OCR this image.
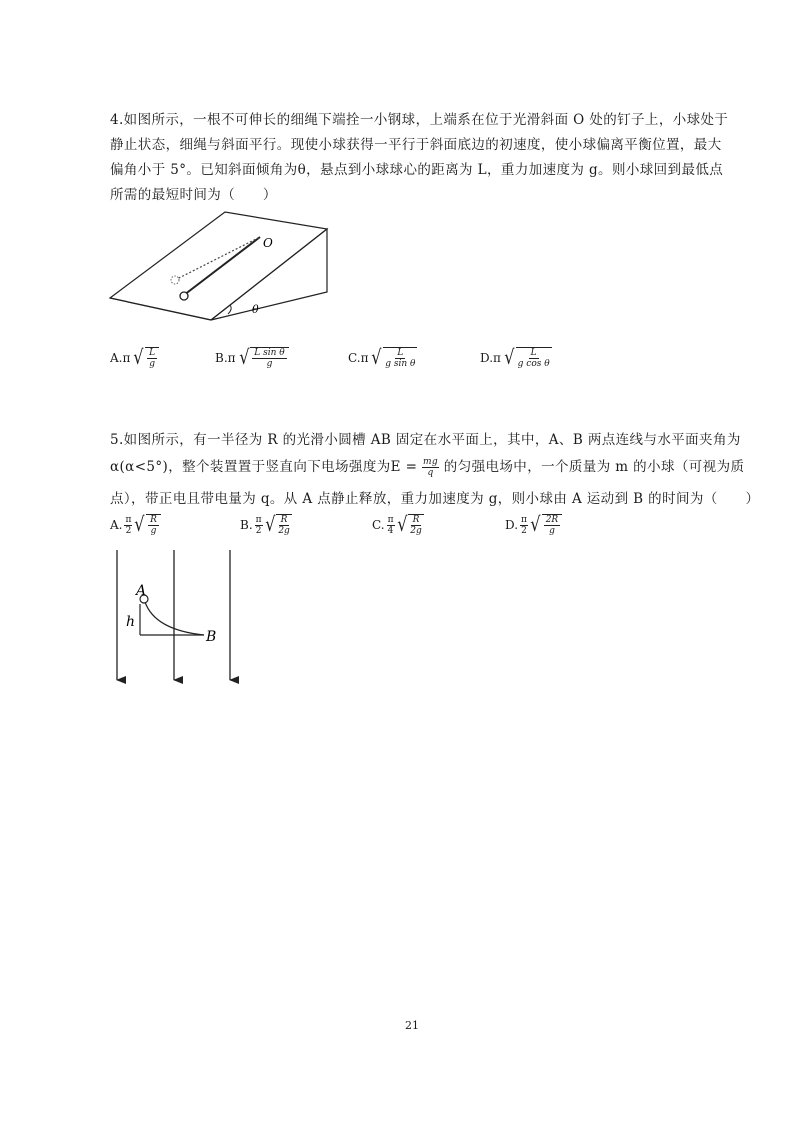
4.如图所示，一根不可伸长的细绳下端拴一小钢球，上端系在位于光滑斜面 O 处的钉子上，小球处于
静止状态，细绳与斜面平行。现使小球获得一平行于斜面底边的初速度，使小球偏离平衡位置，最大
偏角小于 5°。已知斜面倾角为θ，悬点到小球球心的距离为 L，重力加速度为 g。则小球回到最低点
所需的最短时间为（　　）
O
θ
A.π √ $\frac{L}{g}$	B.π √ $\frac{\text{L sin θ}}{g}$	C.π √ $\frac{L}{\text{g sin θ}}$	D.π √ $\frac{L}{\text{g cos θ}}$
5.如图所示，有一半径为 R 的光滑小圆槽 AB 固定在水平面上，其中，A、B 两点连线与水平面夹角为
α(α<5°)，整个装置置于竖直向下电场强度为$E = \frac{mg}{q}$ 的匀强电场中，一个质量为 m 的小球（可视为质
点），带正电且带电量为 q。从 A 点静止释放，重力加速度为 g，则小球由 A 运动到 B 的时间为（　　）
A. $\frac{\pi}{2}$ √ $\frac{R}{g}$	B. $\frac{\pi}{2}$ √ $\frac{R}{2g}$	C. $\frac{\pi}{4}$ √ $\frac{R}{2g}$	D. $\frac{\pi}{2}$ √ $\frac{2R}{g}$
A
B
h
21
